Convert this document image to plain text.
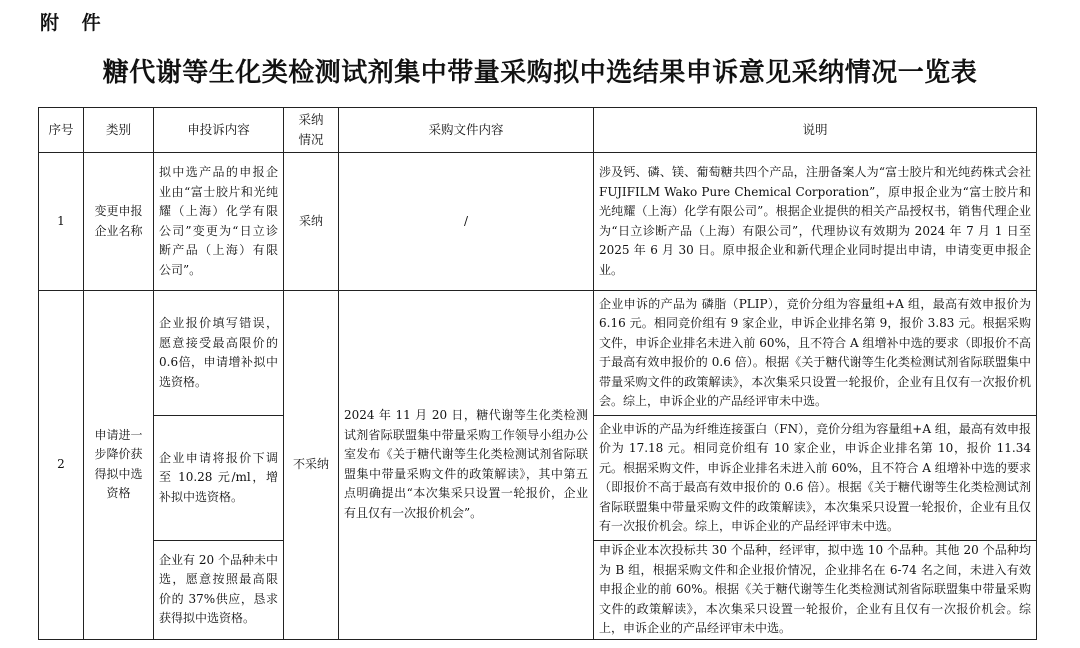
附 件
糖代谢等生化类检测试剂集中带量采购拟中选结果申诉意见采纳情况一览表
序号	类别	申投诉内容	采纳情况	采购文件内容	说明
1	变更申报企业名称	拟中选产品的申报企业由“富士胶片和光纯耀（上海）化学有限公司”变更为“日立诊断产品（上海）有限公司”。	采纳	/	涉及钙、磷、镁、葡萄糖共四个产品，注册备案人为“富士胶片和光纯药株式会社 FUJIFILM Wako Pure Chemical Corporation”，原申报企业为“富士胶片和光纯耀（上海）化学有限公司”。根据企业提供的相关产品授权书，销售代理企业为“日立诊断产品（上海）有限公司”，代理协议有效期为 2024 年 7 月 1 日至 2025 年 6 月 30 日。原申报企业和新代理企业同时提出申请，申请变更申报企业。
2	申请进一步降价获得拟中选资格	企业报价填写错误，愿意接受最高限价的 0.6倍，申请增补拟中选资格。	不采纳	2024 年 11 月 20 日，糖代谢等生化类检测试剂省际联盟集中带量采购工作领导小组办公室发布《关于糖代谢等生化类检测试剂省际联盟集中带量采购文件的政策解读》，其中第五点明确提出“本次集采只设置一轮报价，企业有且仅有一次报价机会”。	企业申诉的产品为 磷脂（PLIP），竞价分组为容量组+A 组，最高有效申报价为 6.16 元。相同竞价组有 9 家企业，申诉企业排名第 9，报价 3.83 元。根据采购文件，申诉企业排名未进入前 60%，且不符合 A 组增补中选的要求（即报价不高于最高有效申报价的 0.6 倍）。根据《关于糖代谢等生化类检测试剂省际联盟集中带量采购文件的政策解读》，本次集采只设置一轮报价，企业有且仅有一次报价机会。综上，申诉企业的产品经评审未中选。
		企业申请将报价下调至 10.28 元/ml，增补拟中选资格。			企业申诉的产品为纤维连接蛋白（FN），竞价分组为容量组+A 组，最高有效申报价为 17.18 元。相同竞价组有 10 家企业，申诉企业排名第 10，报价 11.34 元。根据采购文件，申诉企业排名未进入前 60%，且不符合 A 组增补中选的要求（即报价不高于最高有效申报价的 0.6 倍）。根据《关于糖代谢等生化类检测试剂省际联盟集中带量采购文件的政策解读》，本次集采只设置一轮报价，企业有且仅有一次报价机会。综上，申诉企业的产品经评审未中选。
		企业有 20 个品种未中选，愿意按照最高限价的 37%供应，恳求获得拟中选资格。			申诉企业本次投标共 30 个品种，经评审，拟中选 10 个品种。其他 20 个品种均为 B 组，根据采购文件和企业报价情况，企业排名在 6-74 名之间，未进入有效申报企业的前 60%。根据《关于糖代谢等生化类检测试剂省际联盟集中带量采购文件的政策解读》，本次集采只设置一轮报价，企业有且仅有一次报价机会。综上，申诉企业的产品经评审未中选。
